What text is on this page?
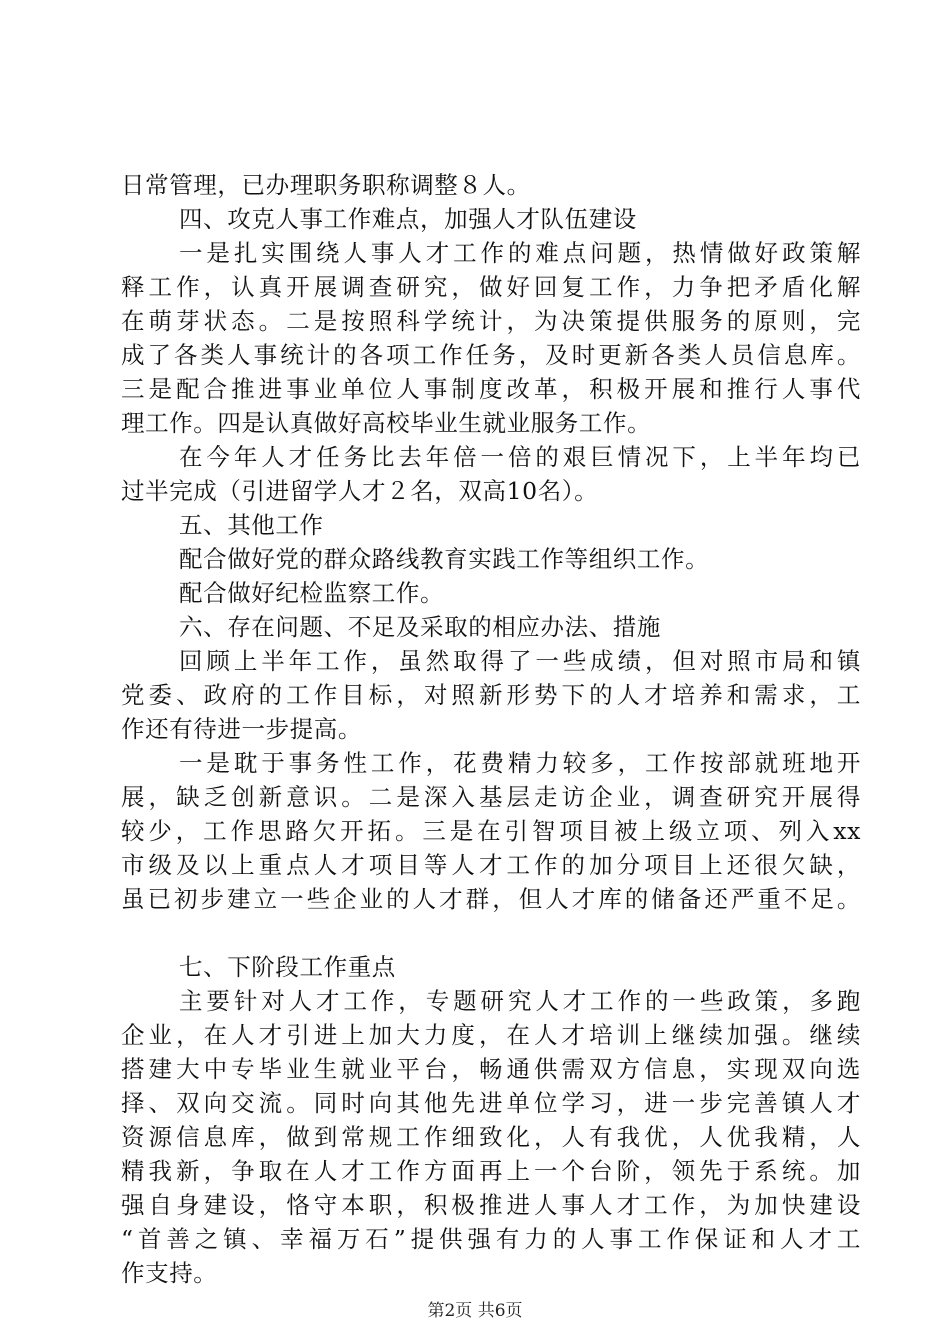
日常管理，已办理职务职称调整８人。
四、攻克人事工作难点，加强人才队伍建设
一是扎实围绕人事人才工作的难点问题，热情做好政策解
释工作，认真开展调查研究，做好回复工作，力争把矛盾化解
在萌芽状态。二是按照科学统计，为决策提供服务的原则，完
成了各类人事统计的各项工作任务，及时更新各类人员信息库。
三是配合推进事业单位人事制度改革，积极开展和推行人事代
理工作。四是认真做好高校毕业生就业服务工作。
在今年人才任务比去年倍一倍的艰巨情况下，上半年均已
过半完成（引进留学人才２名，双高10名）。
五、其他工作
配合做好党的群众路线教育实践工作等组织工作。
配合做好纪检监察工作。
六、存在问题、不足及采取的相应办法、措施
回顾上半年工作，虽然取得了一些成绩，但对照市局和镇
党委、政府的工作目标，对照新形势下的人才培养和需求，工
作还有待进一步提高。
一是耽于事务性工作，花费精力较多，工作按部就班地开
展，缺乏创新意识。二是深入基层走访企业，调查研究开展得
较少，工作思路欠开拓。三是在引智项目被上级立项、列入xx
市级及以上重点人才项目等人才工作的加分项目上还很欠缺，
虽已初步建立一些企业的人才群，但人才库的储备还严重不足。
七、下阶段工作重点
主要针对人才工作，专题研究人才工作的一些政策，多跑
企业，在人才引进上加大力度，在人才培训上继续加强。继续
搭建大中专毕业生就业平台，畅通供需双方信息，实现双向选
择、双向交流。同时向其他先进单位学习，进一步完善镇人才
资源信息库，做到常规工作细致化，人有我优，人优我精，人
精我新，争取在人才工作方面再上一个台阶，领先于系统。加
强自身建设，恪守本职，积极推进人事人才工作，为加快建设
“首善之镇、幸福万石”提供强有力的人事工作保证和人才工
作支持。
第2页 共6页
